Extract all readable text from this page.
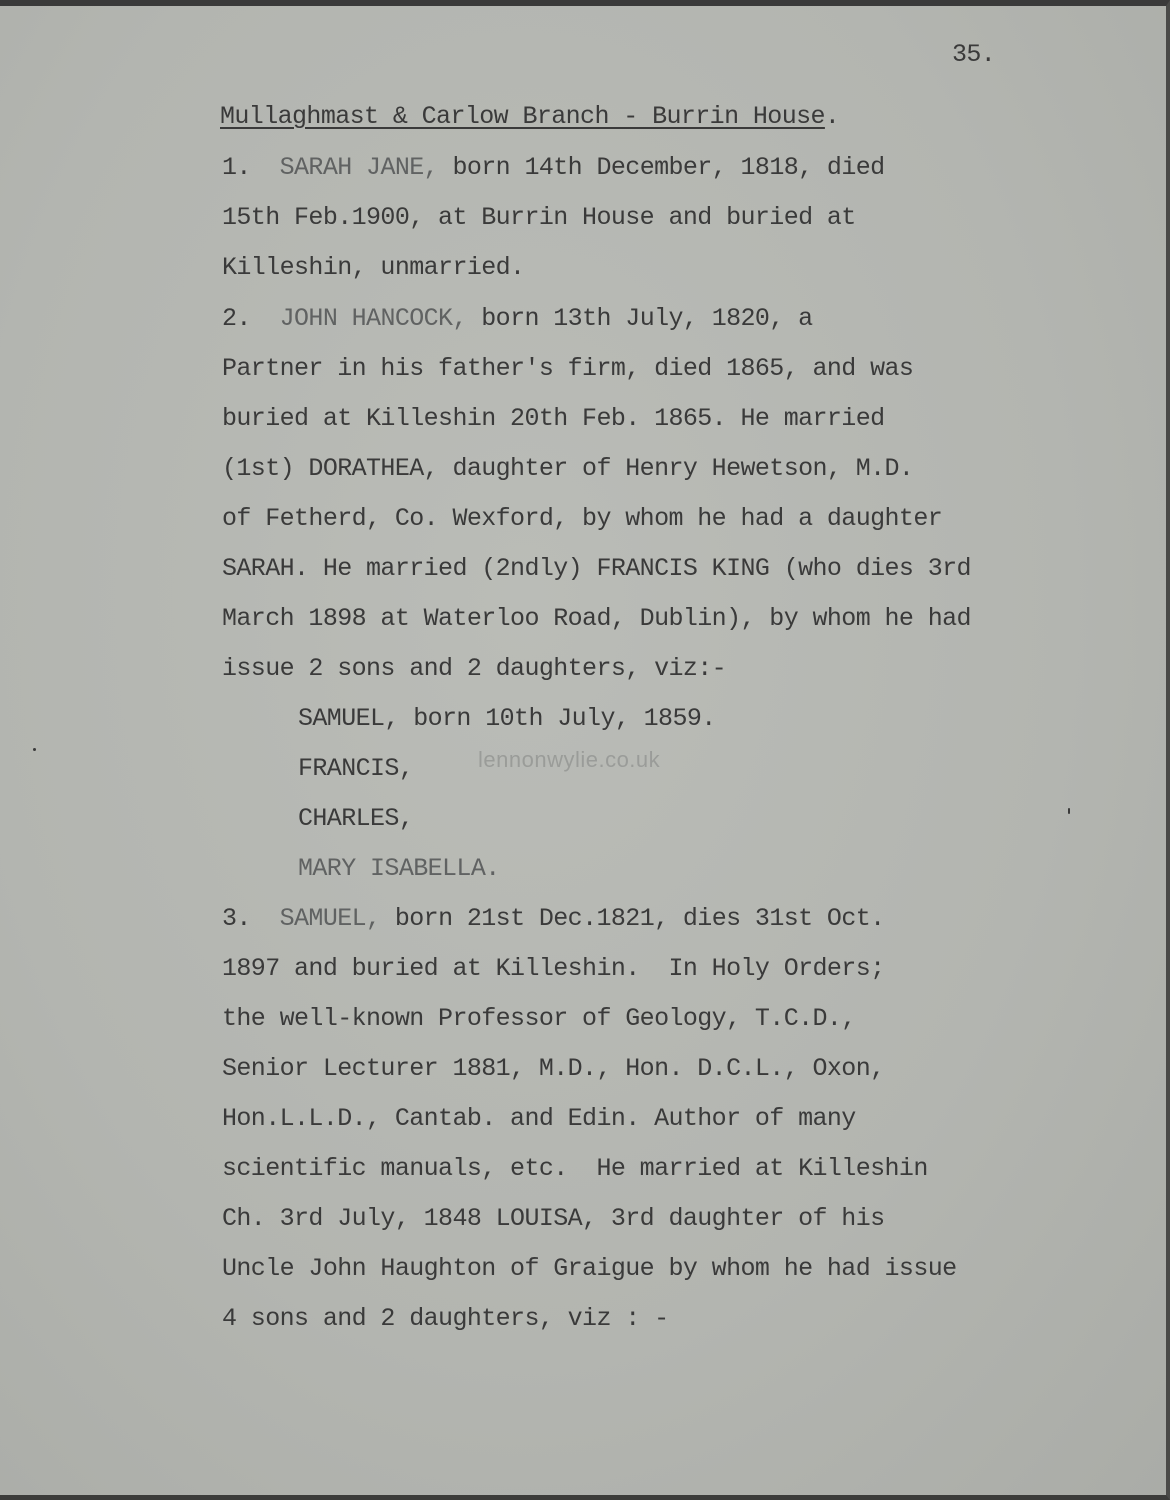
35.
Mullaghmast & Carlow Branch - Burrin House.
1. SARAH JANE, born 14th December, 1818, died
15th Feb.1900, at Burrin House and buried at
Killeshin, unmarried.
2. JOHN HANCOCK, born 13th July, 1820, a
Partner in his father's firm, died 1865, and was
buried at Killeshin 20th Feb. 1865. He married
(1st) DORATHEA, daughter of Henry Hewetson, M.D.
of Fetherd, Co. Wexford, by whom he had a daughter
SARAH. He married (2ndly) FRANCIS KING (who dies 3rd
March 1898 at Waterloo Road, Dublin), by whom he had
issue 2 sons and 2 daughters, viz:-
SAMUEL, born 10th July, 1859.
FRANCIS,
CHARLES,
MARY ISABELLA.
3. SAMUEL, born 21st Dec.1821, dies 31st Oct.
1897 and buried at Killeshin.  In Holy Orders;
the well-known Professor of Geology, T.C.D.,
Senior Lecturer 1881, M.D., Hon. D.C.L., Oxon,
Hon.L.L.D., Cantab. and Edin. Author of many
scientific manuals, etc.  He married at Killeshin
Ch. 3rd July, 1848 LOUISA, 3rd daughter of his
Uncle John Haughton of Graigue by whom he had issue
4 sons and 2 daughters, viz : -
lennonwylie.co.uk
